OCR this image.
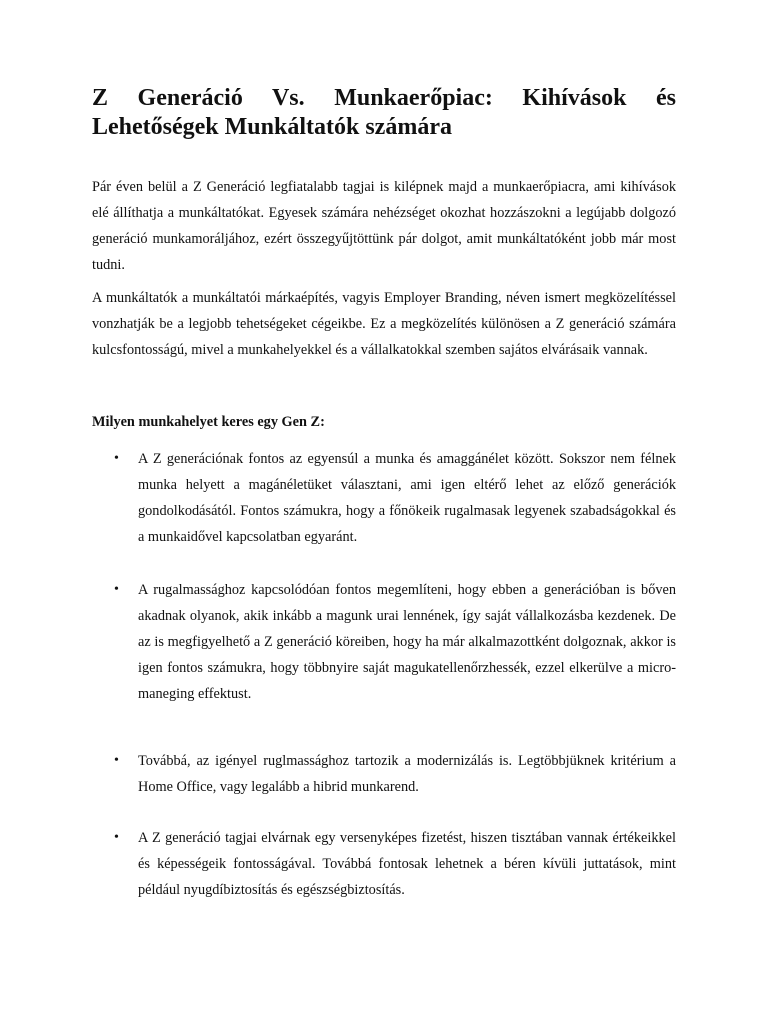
Z Generáció Vs. Munkaerőpiac: Kihívások és Lehetőségek Munkáltatók számára

Pár éven belül a Z Generáció legfiatalabb tagjai is kilépnek majd a munkaerőpiacra, ami kihívások elé állíthatja a munkáltatókat. Egyesek számára nehézséget okozhat hozzászokni a legújabb dolgozó generáció munkamoráljához, ezért összegyűjtöttünk pár dolgot, amit munkáltatóként jobb már most tudni.

A munkáltatók a munkáltatói márkaépítés, vagyis Employer Branding, néven ismert megközelítéssel vonzhatják be a legjobb tehetségeket cégeikbe. Ez a megközelítés különösen a Z generáció számára kulcsfontosságú, mivel a munkahelyekkel és a vállalkatokkal szemben sajátos elvárásaik vannak.

Milyen munkahelyet keres egy Gen Z:

• A Z generációnak fontos az egyensúl a munka és amaggánélet között. Sokszor nem félnek munka helyett a magánéletüket választani, ami igen eltérő lehet az előző generációk gondolkodásától. Fontos számukra, hogy a főnökeik rugalmasak legyenek szabadságokkal és a munkaidővel kapcsolatban egyaránt.
• A rugalmassághoz kapcsolódóan fontos megemlíteni, hogy ebben a generációban is bőven akadnak olyanok, akik inkább a magunk urai lennének, így saját vállalkozásba kezdenek. De az is megfigyelhető a Z generáció köreiben, hogy ha már alkalmazottként dolgoznak, akkor is igen fontos számukra, hogy többnyire saját magukatellenőrzhessék, ezzel elkerülve a micro-maneging effektust.
• Továbbá, az igényel ruglmassághoz tartozik a modernizálás is. Legtöbbjüknek kritérium a Home Office, vagy legalább a hibrid munkarend.
• A Z generáció tagjai elvárnak egy versenyképes fizetést, hiszen tisztában vannak értékeikkel és képességeik fontosságával. Továbbá fontosak lehetnek a béren kívüli juttatások, mint például nyugdíbiztosítás és egészségbiztosítás.
